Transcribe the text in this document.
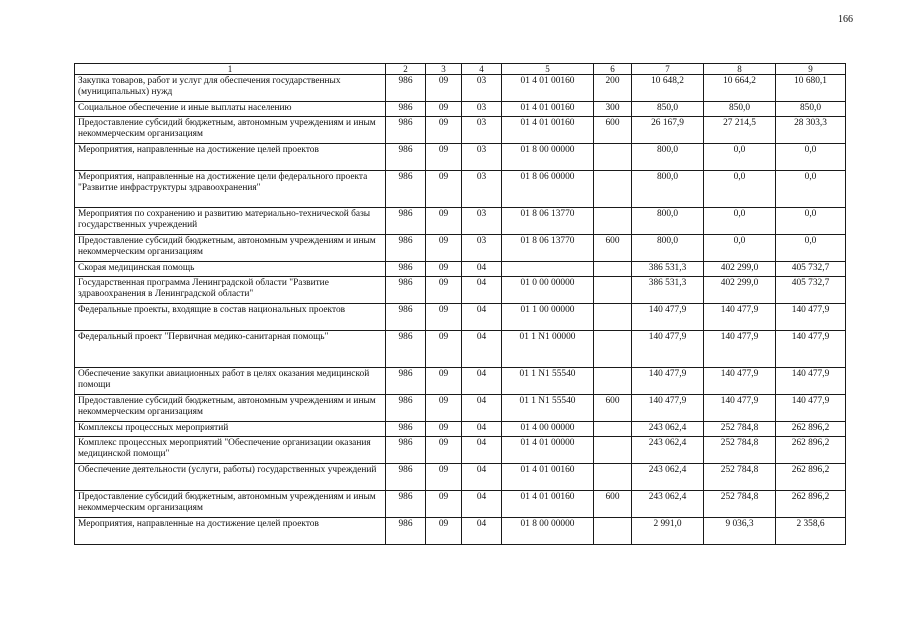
166
1	2	3	4	5	6	7	8	9
Закупка товаров, работ и услуг для обеспечения государственных (муниципальных) нужд	986	09	03	01 4 01 00160	200	10 648,2	10 664,2	10 680,1
Социальное обеспечение и иные выплаты населению	986	09	03	01 4 01 00160	300	850,0	850,0	850,0
Предоставление субсидий бюджетным, автономным учреждениям и иным некоммерческим организациям	986	09	03	01 4 01 00160	600	26 167,9	27 214,5	28 303,3
Мероприятия, направленные на достижение целей проектов	986	09	03	01 8 00 00000		800,0	0,0	0,0
Мероприятия, направленные на достижение цели федерального проекта "Развитие инфраструктуры здравоохранения"	986	09	03	01 8 06 00000		800,0	0,0	0,0
Мероприятия по сохранению и развитию материально-технической базы государственных учреждений	986	09	03	01 8 06 13770		800,0	0,0	0,0
Предоставление субсидий бюджетным, автономным учреждениям и иным некоммерческим организациям	986	09	03	01 8 06 13770	600	800,0	0,0	0,0
Скорая медицинская помощь	986	09	04			386 531,3	402 299,0	405 732,7
Государственная программа Ленинградской области "Развитие здравоохранения в Ленинградской области"	986	09	04	01 0 00 00000		386 531,3	402 299,0	405 732,7
Федеральные проекты, входящие в состав национальных проектов	986	09	04	01 1 00 00000		140 477,9	140 477,9	140 477,9
Федеральный проект "Первичная медико-санитарная помощь"	986	09	04	01 1 N1 00000		140 477,9	140 477,9	140 477,9
Обеспечение закупки авиационных работ в целях оказания медицинской помощи	986	09	04	01 1 N1 55540		140 477,9	140 477,9	140 477,9
Предоставление субсидий бюджетным, автономным учреждениям и иным некоммерческим организациям	986	09	04	01 1 N1 55540	600	140 477,9	140 477,9	140 477,9
Комплексы процессных мероприятий	986	09	04	01 4 00 00000		243 062,4	252 784,8	262 896,2
Комплекс процессных мероприятий "Обеспечение организации оказания медицинской помощи"	986	09	04	01 4 01 00000		243 062,4	252 784,8	262 896,2
Обеспечение деятельности (услуги, работы) государственных учреждений	986	09	04	01 4 01 00160		243 062,4	252 784,8	262 896,2
Предоставление субсидий бюджетным, автономным учреждениям и иным некоммерческим организациям	986	09	04	01 4 01 00160	600	243 062,4	252 784,8	262 896,2
Мероприятия, направленные на достижение целей проектов	986	09	04	01 8 00 00000		2 991,0	9 036,3	2 358,6
